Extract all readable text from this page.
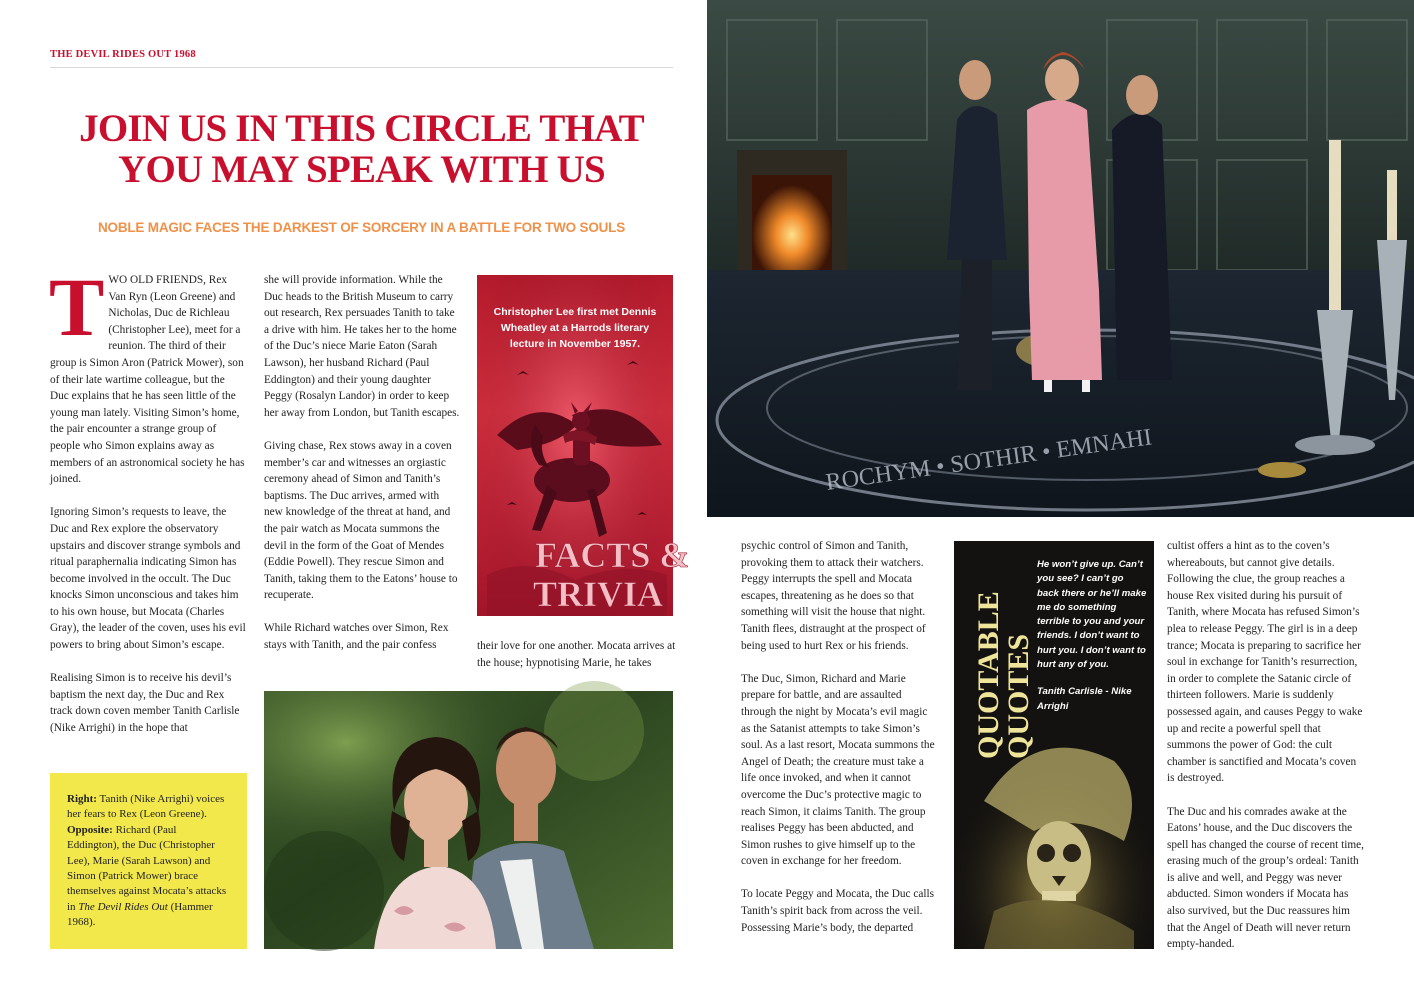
THE DEVIL RIDES OUT 1968
JOIN US IN THIS CIRCLE THAT
YOU MAY SPEAK WITH US
NOBLE MAGIC FACES THE DARKEST OF SORCERY IN A BATTLE FOR TWO SOULS

TWO OLD FRIENDS, Rex Van Ryn (Leon Greene) and Nicholas, Duc de Richleau (Christopher Lee), meet for a reunion. The third of their group is Simon Aron (Patrick Mower), son of their late wartime colleague, but the Duc explains that he has seen little of the young man lately. Visiting Simon’s home, the pair encounter a strange group of people who Simon explains away as members of an astronomical society he has joined.

Ignoring Simon’s requests to leave, the Duc and Rex explore the observatory upstairs and discover strange symbols and ritual paraphernalia indicating Simon has become involved in the occult. The Duc knocks Simon unconscious and takes him to his own house, but Mocata (Charles Gray), the leader of the coven, uses his evil powers to bring about Simon’s escape.

Realising Simon is to receive his devil’s baptism the next day, the Duc and Rex track down coven member Tanith Carlisle (Nike Arrighi) in the hope that

she will provide information. While the Duc heads to the British Museum to carry out research, Rex persuades Tanith to take a drive with him. He takes her to the home of the Duc’s niece Marie Eaton (Sarah Lawson), her husband Richard (Paul Eddington) and their young daughter Peggy (Rosalyn Landor) in order to keep her away from London, but Tanith escapes.

Giving chase, Rex stows away in a coven member’s car and witnesses an orgiastic ceremony ahead of Simon and Tanith’s baptisms. The Duc arrives, armed with new knowledge of the threat at hand, and the pair watch as Mocata summons the devil in the form of the Goat of Mendes (Eddie Powell). They rescue Simon and Tanith, taking them to the Eatons’ house to recuperate.

While Richard watches over Simon, Rex stays with Tanith, and the pair confess	their love for one another. Mocata arrives at the house; hypnotising Marie, he takes

Right: Tanith (Nike Arrighi) voices her fears to Rex (Leon Greene). Opposite: Richard (Paul Eddington), the Duc (Christopher Lee), Marie (Sarah Lawson) and Simon (Patrick Mower) brace themselves against Mocata’s attacks in The Devil Rides Out (Hammer 1968).
Christopher Lee first met Dennis Wheatley at a Harrods literary lecture in November 1957.
FACTS &
TRIVIA
ROCHYM • SOTHIR • EMNAHI

psychic control of Simon and Tanith, provoking them to attack their watchers. Peggy interrupts the spell and Mocata escapes, threatening as he does so that something will visit the house that night. Tanith flees, distraught at the prospect of being used to hurt Rex or his friends.

The Duc, Simon, Richard and Marie prepare for battle, and are assaulted through the night by Mocata’s evil magic as the Satanist attempts to take Simon’s soul. As a last resort, Mocata summons the Angel of Death; the creature must take a life once invoked, and when it cannot overcome the Duc’s protective magic to reach Simon, it claims Tanith. The group realises Peggy has been abducted, and Simon rushes to give himself up to the coven in exchange for her freedom.

To locate Peggy and Mocata, the Duc calls Tanith’s spirit back from across the veil. Possessing Marie’s body, the departed

QUOTABLE
QUOTES
He won’t give up. Can’t you see? I can’t go back there or he’ll make me do something terrible to you and your friends. I don’t want to hurt you. I don’t want to hurt any of you.
Tanith Carlisle - Nike Arrighi

cultist offers a hint as to the coven’s whereabouts, but cannot give details. Following the clue, the group reaches a house Rex visited during his pursuit of Tanith, where Mocata has refused Simon’s plea to release Peggy. The girl is in a deep trance; Mocata is preparing to sacrifice her soul in exchange for Tanith’s resurrection, in order to complete the Satanic circle of thirteen followers. Marie is suddenly possessed again, and causes Peggy to wake up and recite a powerful spell that summons the power of God: the cult chamber is sanctified and Mocata’s coven is destroyed.

The Duc and his comrades awake at the Eatons’ house, and the Duc discovers the spell has changed the course of recent time, erasing much of the group’s ordeal: Tanith is alive and well, and Peggy was never abducted. Simon wonders if Mocata has also survived, but the Duc reassures him that the Angel of Death will never return empty-handed.
